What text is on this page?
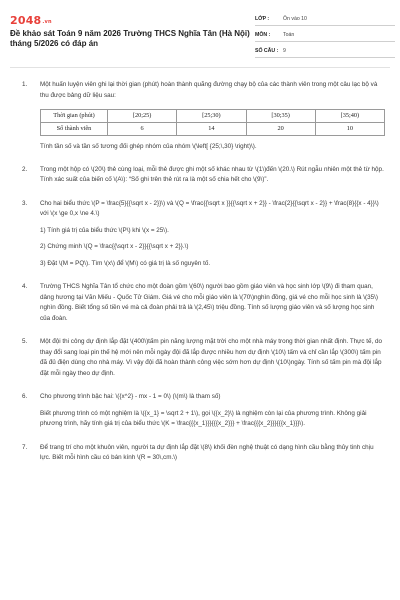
2048.vn
Đề khảo sát Toán 9 năm 2026 Trường THCS Nghĩa Tân (Hà Nội) tháng 5/2026 có đáp án
LỚP :	Ôn vào 10
MÔN : Toán
SỐ CÂU : 9
1. Một huấn luyện viên ghi lại thời gian (phút) hoàn thành quãng đường chạy bộ của các thành viên trong một câu lạc bộ và thu được bảng dữ liệu sau:

Thời gian (phút)	[20;25)	[25;30)	[30;35)	[35;40)
Số thành viên	6	14	20	10

Tính tần số và tần số tương đối ghép nhóm của nhóm \(\left[ {25;\,30} \right)\).

2. Trong một hộp có \(20\) thẻ cùng loại, mỗi thẻ được ghi một số khác nhau từ \(1\)đến \(20.\) Rút ngẫu nhiên một thẻ từ hộp. Tính xác suất của biến cố \(A\): “Số ghi trên thẻ rút ra là một số chia hết cho \(9\)”.

3. Cho hai biểu thức \(P = \frac{5}{{\sqrt x - 2}}\) và \(Q = \frac{{\sqrt x }}{{\sqrt x + 2}} - \frac{2}{{\sqrt x - 2}} + \frac{8}{{x - 4}}\) với \(x \ge 0,x \ne 4.\)

1) Tính giá trị của biểu thức \(P\) khi \(x = 25\).

2) Chứng minh \(Q = \frac{{\sqrt x - 2}}{{\sqrt x + 2}}.\)

3) Đặt \(M = PQ\). Tìm \(x\) để \(M\) có giá trị là số nguyên tố.

4. Trường THCS Nghĩa Tân tổ chức cho một đoàn gồm \(60\) người bao gồm giáo viên và học sinh lớp \(9\) đi tham quan, dâng hương tại Văn Miếu - Quốc Tử Giám. Giá vé cho mỗi giáo viên là \(70\)nghìn đồng, giá vé cho mỗi học sinh là \(35\) nghìn đồng. Biết tổng số tiền vé mà cả đoàn phải trả là \(2,45\) triệu đồng. Tính số lượng giáo viên và số lượng học sinh của đoàn.

5. Một đội thi công dự định lắp đặt \(400\)tấm pin năng lượng mặt trời cho một nhà máy trong thời gian nhất định. Thực tế, do thay đổi sang loại pin thế hệ mới nên mỗi ngày đội đã lắp được nhiều hơn dự định \(10\) tấm và chỉ cần lắp \(300\) tấm pin đã đủ điện dùng cho nhà máy. Vì vậy đội đã hoàn thành công việc sớm hơn dự định \(10\)ngày. Tính số tấm pin mà đội lắp đặt mỗi ngày theo dự định.

6. Cho phương trình bậc hai: \({x^2} - mx - 1 = 0\) (\(m\) là tham số)

Biết phương trình có một nghiệm là \({x_1} = \sqrt 2 + 1\), gọi \({x_2}\) là nghiệm còn lại của phương trình. Không giải phương trình, hãy tính giá trị của biểu thức \(K = \frac{{{x_1}}}{{{x_2}}} + \frac{{{x_2}}}{{{x_1}}}\).

7. Để trang trí cho một khuôn viên, người ta dự định lắp đặt \(8\) khối đèn nghệ thuật có dạng hình cầu bằng thủy tinh chịu lực. Biết mỗi hình cầu có bán kính \(R = 30\,cm.\)
